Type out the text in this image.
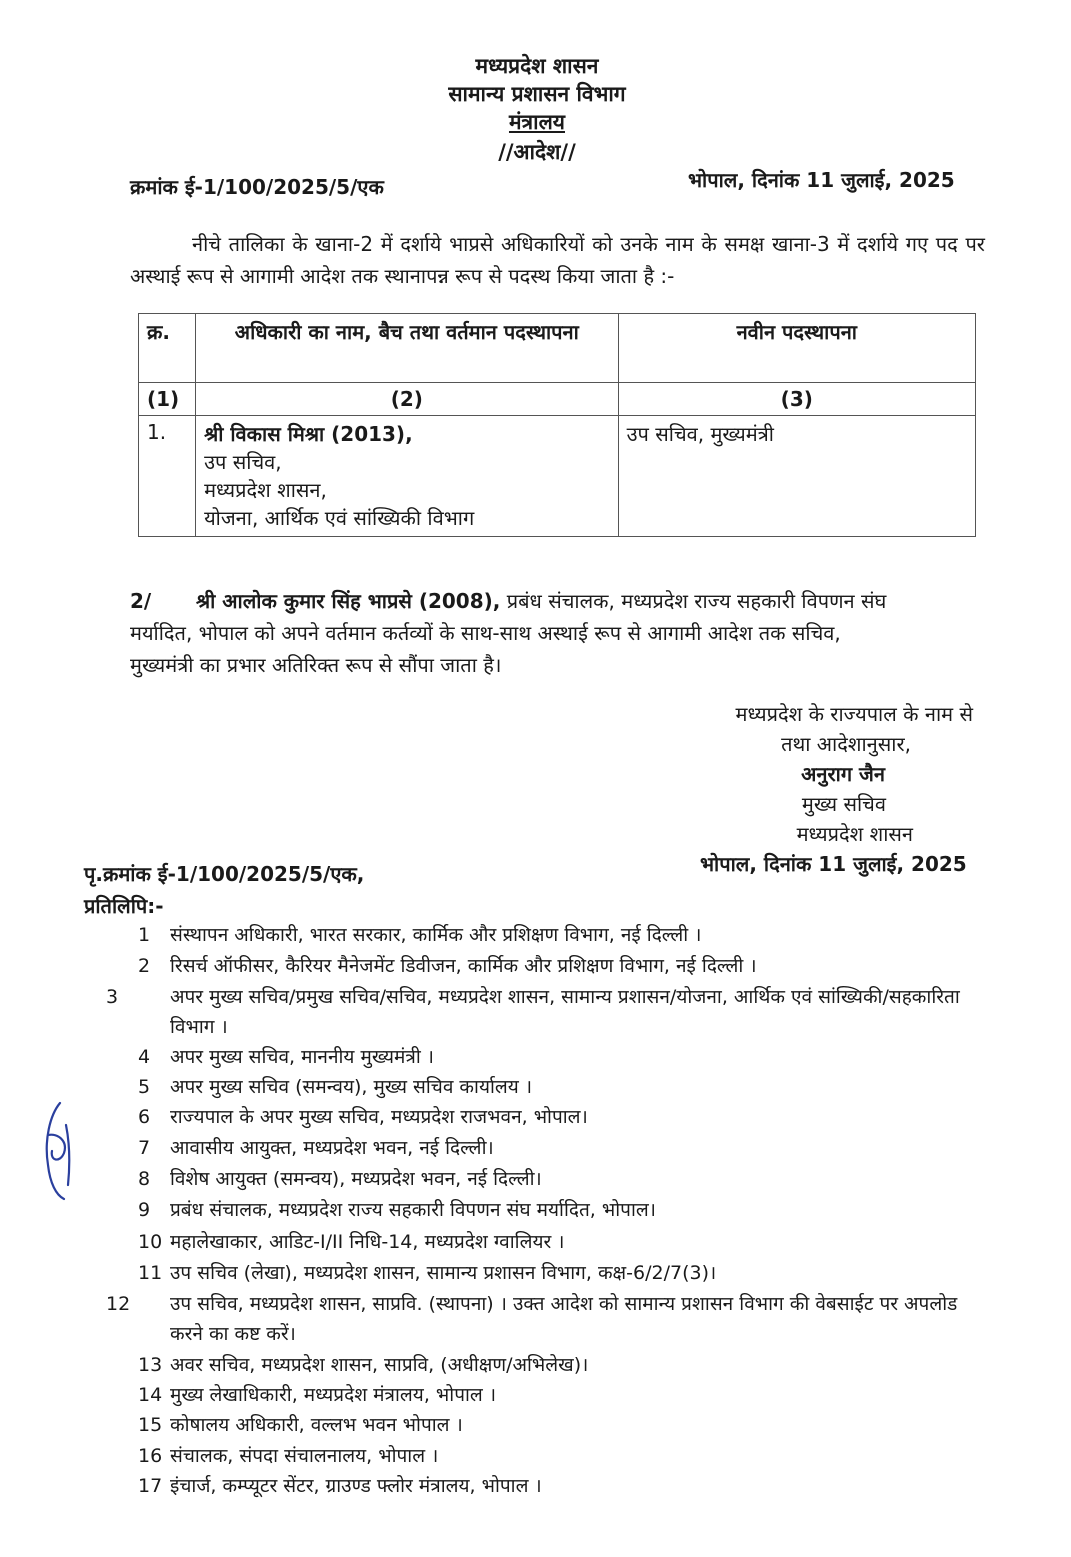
मध्यप्रदेश शासन
सामान्य प्रशासन विभाग
मंत्रालय
//आदेश//
क्रमांक ई-1/100/2025/5/एक	भोपाल, दिनांक 11 जुलाई, 2025
नीचे तालिका के खाना-2 में दर्शाये भाप्रसे अधिकारियों को उनके नाम के समक्ष खाना-3 में दर्शाये गए पद पर अस्थाई रूप से आगामी आदेश तक स्थानापन्न रूप से पदस्थ किया जाता है :-
क्र.	अधिकारी का नाम, बैच तथा वर्तमान पदस्थापना	नवीन पदस्थापना
(1)	(2)	(3)
1.	श्री विकास मिश्रा (2013),
उप सचिव,
मध्यप्रदेश शासन,
योजना, आर्थिक एवं सांख्यिकी विभाग	उप सचिव, मुख्यमंत्री
2/ श्री आलोक कुमार सिंह भाप्रसे (2008), प्रबंध संचालक, मध्यप्रदेश राज्य सहकारी विपणन संघ
मर्यादित, भोपाल को अपने वर्तमान कर्तव्यों के साथ-साथ अस्थाई रूप से आगामी आदेश तक सचिव,
मुख्यमंत्री का प्रभार अतिरिक्त रूप से सौंपा जाता है।
मध्यप्रदेश के राज्यपाल के नाम से
तथा आदेशानुसार,
अनुराग जैन
मुख्य सचिव
मध्यप्रदेश शासन
पृ.क्रमांक ई-1/100/2025/5/एक,	भोपाल, दिनांक 11 जुलाई, 2025
प्रतिलिपि:-
1 संस्थापन अधिकारी, भारत सरकार, कार्मिक और प्रशिक्षण विभाग, नई दिल्ली ।
2 रिसर्च ऑफीसर, कैरियर मैनेजमेंट डिवीजन, कार्मिक और प्रशिक्षण विभाग, नई दिल्ली ।
3	अपर मुख्य सचिव/प्रमुख सचिव/सचिव, मध्यप्रदेश शासन, सामान्य प्रशासन/योजना, आर्थिक एवं सांख्यिकी/सहकारिता विभाग ।
4 अपर मुख्य सचिव, माननीय मुख्यमंत्री ।
5 अपर मुख्य सचिव (समन्वय), मुख्य सचिव कार्यालय ।
6 राज्यपाल के अपर मुख्य सचिव, मध्यप्रदेश राजभवन, भोपाल।
7 आवासीय आयुक्त, मध्यप्रदेश भवन, नई दिल्ली।
8 विशेष आयुक्त (समन्वय), मध्यप्रदेश भवन, नई दिल्ली।
9 प्रबंध संचालक, मध्यप्रदेश राज्य सहकारी विपणन संघ मर्यादित, भोपाल।
10 महालेखाकार, आडिट-I/II निधि-14, मध्यप्रदेश ग्वालियर ।
11 उप सचिव (लेखा), मध्यप्रदेश शासन, सामान्य प्रशासन विभाग, कक्ष-6/2/7(3)।
12 उप सचिव, मध्यप्रदेश शासन, साप्रवि. (स्थापना) । उक्त आदेश को सामान्य प्रशासन विभाग की वेबसाईट पर अपलोड करने का कष्ट करें।
13 अवर सचिव, मध्यप्रदेश शासन, साप्रवि, (अधीक्षण/अभिलेख)।
14 मुख्य लेखाधिकारी, मध्यप्रदेश मंत्रालय, भोपाल ।
15 कोषालय अधिकारी, वल्लभ भवन भोपाल ।
16 संचालक, संपदा संचालनालय, भोपाल ।
17 इंचार्ज, कम्प्यूटर सेंटर, ग्राउण्ड फ्लोर मंत्रालय, भोपाल ।
